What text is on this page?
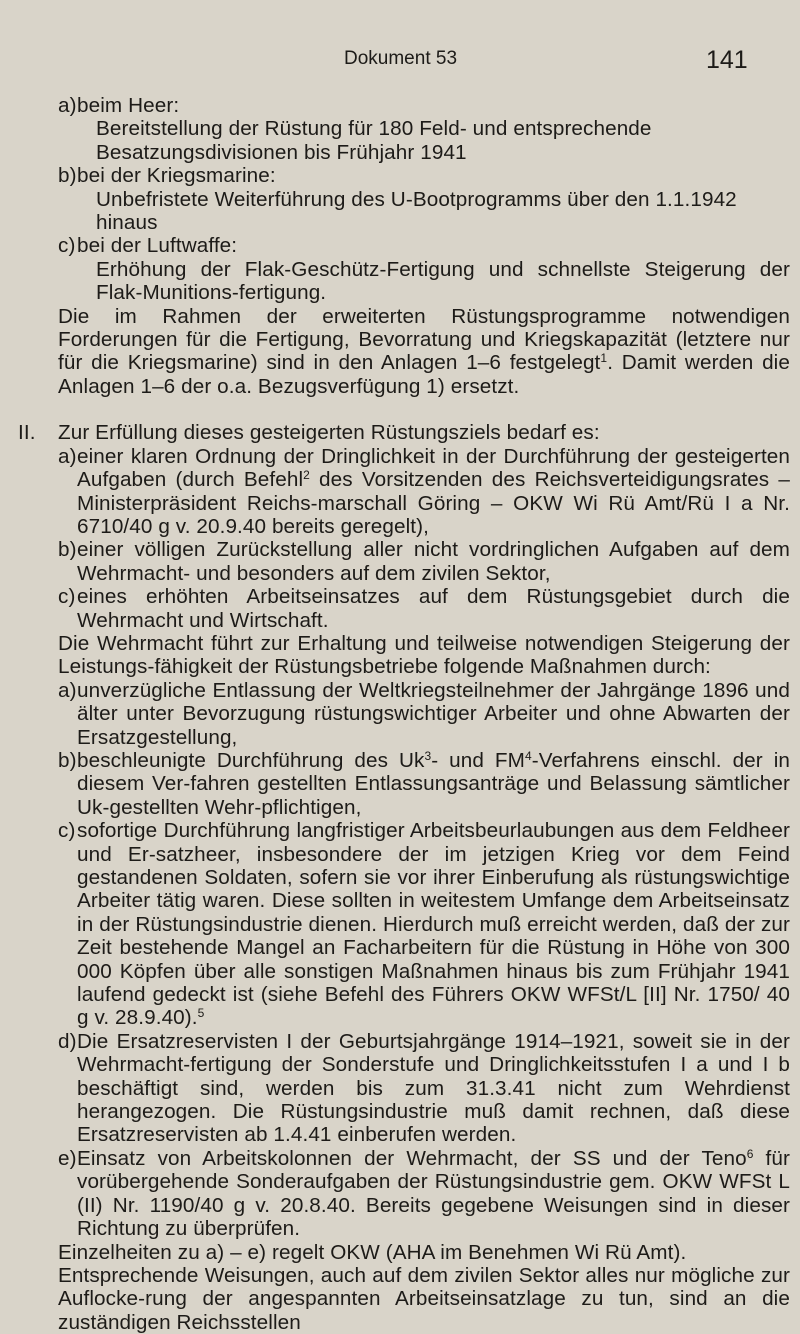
Dokument 53	141
a) beim Heer:
Bereitstellung der Rüstung für 180 Feld- und entsprechende Besatzungsdivisionen bis Frühjahr 1941
b) bei der Kriegsmarine:
Unbefristete Weiterführung des U-Bootprogramms über den 1.1.1942 hinaus
c) bei der Luftwaffe:
Erhöhung der Flak-Geschütz-Fertigung und schnellste Steigerung der Flak-Munitions-fertigung.

Die im Rahmen der erweiterten Rüstungsprogramme notwendigen Forderungen für die Fertigung, Bevorratung und Kriegskapazität (letztere nur für die Kriegsmarine) sind in den Anlagen 1–6 festgelegt$^1$. Damit werden die Anlagen 1–6 der o.a. Bezugsverfügung 1) ersetzt.

II. Zur Erfüllung dieses gesteigerten Rüstungsziels bedarf es:
a) einer klaren Ordnung der Dringlichkeit in der Durchführung der gesteigerten Aufgaben (durch Befehl$^2$ des Vorsitzenden des Reichsverteidigungsrates – Ministerpräsident Reichs-marschall Göring – OKW Wi Rü Amt/Rü I a Nr. 6710/40 g v. 20.9.40 bereits geregelt),
b) einer völligen Zurückstellung aller nicht vordringlichen Aufgaben auf dem Wehrmacht- und besonders auf dem zivilen Sektor,
c) eines erhöhten Arbeitseinsatzes auf dem Rüstungsgebiet durch die Wehrmacht und Wirtschaft.

Die Wehrmacht führt zur Erhaltung und teilweise notwendigen Steigerung der Leistungs-fähigkeit der Rüstungsbetriebe folgende Maßnahmen durch:

a) unverzügliche Entlassung der Weltkriegsteilnehmer der Jahrgänge 1896 und älter unter Bevorzugung rüstungswichtiger Arbeiter und ohne Abwarten der Ersatzgestellung,
b) beschleunigte Durchführung des Uk$^3$- und $FM^4$-Verfahrens einschl. der in diesem Ver-fahren gestellten Entlassungsanträge und Belassung sämtlicher Uk-gestellten Wehr-pflichtigen,
c) sofortige Durchführung langfristiger Arbeitsbeurlaubungen aus dem Feldheer und Er-satzheer, insbesondere der im jetzigen Krieg vor dem Feind gestandenen Soldaten, sofern sie vor ihrer Einberufung als rüstungswichtige Arbeiter tätig waren. Diese sollten in weitestem Umfange dem Arbeitseinsatz in der Rüstungsindustrie dienen. Hierdurch muß erreicht werden, daß der zur Zeit bestehende Mangel an Facharbeitern für die Rüstung in Höhe von 300 000 Köpfen über alle sonstigen Maßnahmen hinaus bis zum Frühjahr 1941 laufend gedeckt ist (siehe Befehl des Führers OKW WFSt/L [II] Nr. 1750/ 40 g v. 28.9.40).$^5$
d) Die Ersatzreservisten I der Geburtsjahrgänge 1914–1921, soweit sie in der Wehrmacht-fertigung der Sonderstufe und Dringlichkeitsstufen I a und I b beschäftigt sind, werden bis zum 31.3.41 nicht zum Wehrdienst herangezogen. Die Rüstungsindustrie muß damit rechnen, daß diese Ersatzreservisten ab 1.4.41 einberufen werden.
e) Einsatz von Arbeitskolonnen der Wehrmacht, der SS und der Teno$^6$ für vorübergehende Sonderaufgaben der Rüstungsindustrie gem. OKW WFSt L (II) Nr. 1190/40 g v. 20.8.40. Bereits gegebene Weisungen sind in dieser Richtung zu überprüfen.

Einzelheiten zu a) – e) regelt OKW (AHA im Benehmen Wi Rü Amt).

Entsprechende Weisungen, auch auf dem zivilen Sektor alles nur mögliche zur Auflocke-rung der angespannten Arbeitseinsatzlage zu tun, sind an die zuständigen Reichsstellen
